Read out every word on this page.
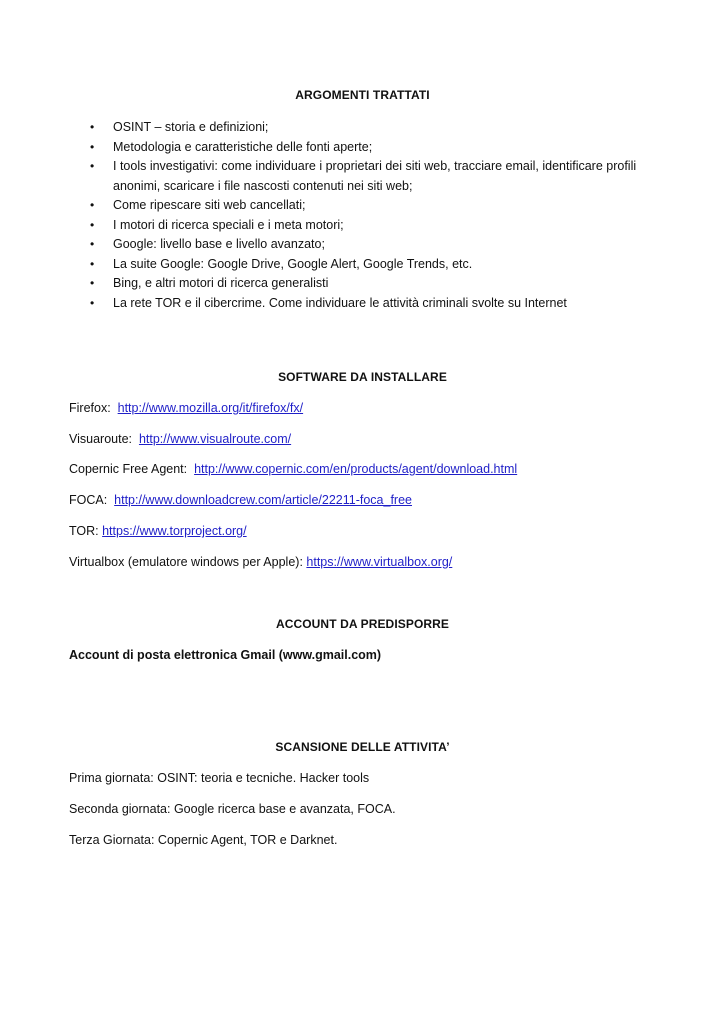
ARGOMENTI TRATTATI
• OSINT – storia e definizioni;
• Metodologia e caratteristiche delle fonti aperte;
• I tools investigativi: come individuare i proprietari dei siti web, tracciare email, identificare profili anonimi, scaricare i file nascosti contenuti nei siti web;
• Come ripescare siti web cancellati;
• I motori di ricerca speciali e i meta motori;
• Google: livello base e livello avanzato;
• La suite Google: Google Drive, Google Alert, Google Trends, etc.
• Bing, e altri motori di ricerca generalisti
• La rete TOR e il cibercrime. Come individuare le attività criminali svolte su Internet
SOFTWARE DA INSTALLARE
Firefox:  http://www.mozilla.org/it/firefox/fx/
Visuaroute:  http://www.visualroute.com/
Copernic Free Agent:  http://www.copernic.com/en/products/agent/download.html
FOCA:  http://www.downloadcrew.com/article/22211-foca_free
TOR: https://www.torproject.org/
Virtualbox (emulatore windows per Apple): https://www.virtualbox.org/
ACCOUNT DA PREDISPORRE
Account di posta elettronica Gmail (www.gmail.com)
SCANSIONE DELLE ATTIVITA’
Prima giornata: OSINT: teoria e tecniche. Hacker tools
Seconda giornata: Google ricerca base e avanzata, FOCA.
Terza Giornata: Copernic Agent, TOR e Darknet.
